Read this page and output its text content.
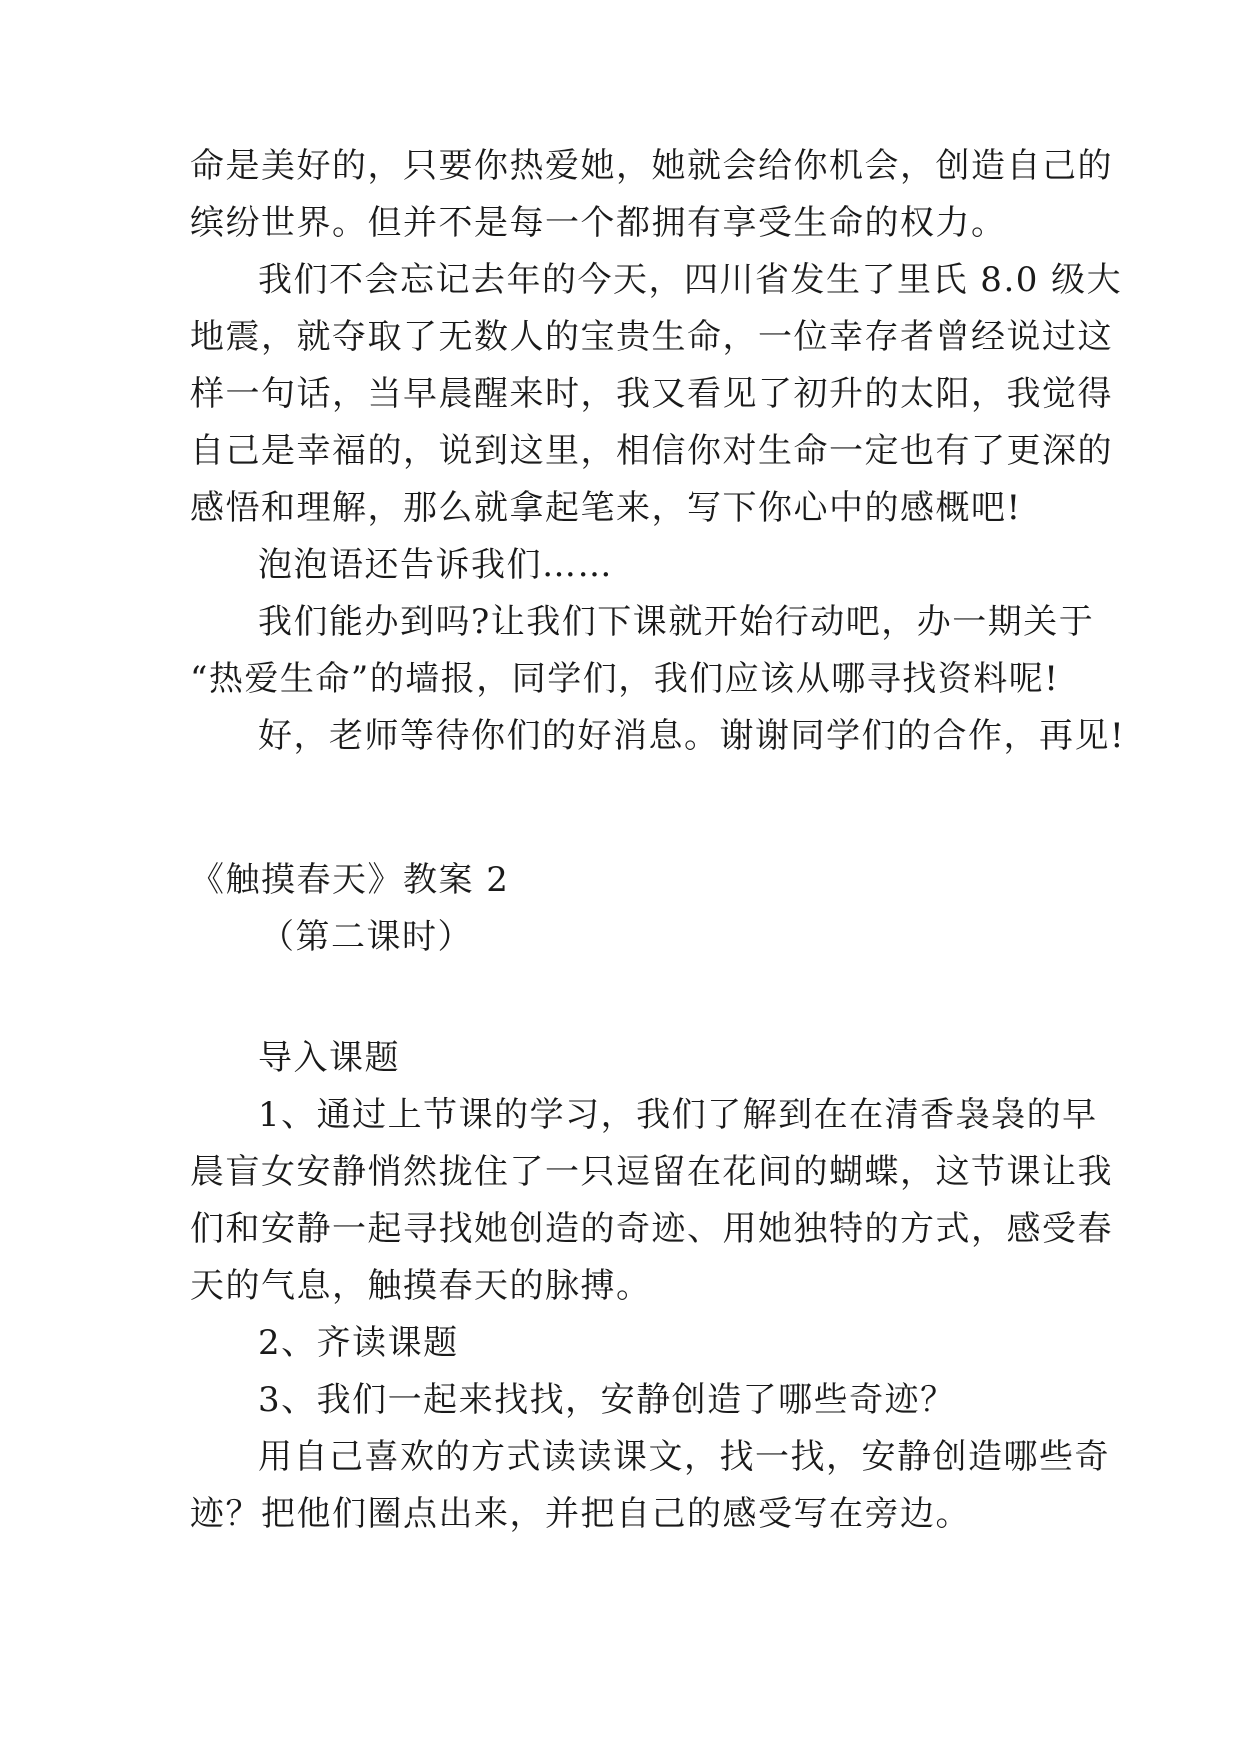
命是美好的，只要你热爱她，她就会给你机会，创造自己的
缤纷世界。但并不是每一个都拥有享受生命的权力。
我们不会忘记去年的今天，四川省发生了里氏 8.0 级大
地震，就夺取了无数人的宝贵生命，一位幸存者曾经说过这
样一句话，当早晨醒来时，我又看见了初升的太阳，我觉得
自己是幸福的，说到这里，相信你对生命一定也有了更深的
感悟和理解，那么就拿起笔来，写下你心中的感概吧!
泡泡语还告诉我们……
我们能办到吗?让我们下课就开始行动吧，办一期关于
“热爱生命”的墙报，同学们，我们应该从哪寻找资料呢!
好，老师等待你们的好消息。谢谢同学们的合作，再见!
《触摸春天》教案 2
（第二课时）
导入课题
1、通过上节课的学习，我们了解到在在清香袅袅的早
晨盲女安静悄然拢住了一只逗留在花间的蝴蝶，这节课让我
们和安静一起寻找她创造的奇迹、用她独特的方式，感受春
天的气息，触摸春天的脉搏。
2、齐读课题
3、我们一起来找找，安静创造了哪些奇迹？
用自己喜欢的方式读读课文，找一找，安静创造哪些奇
迹？把他们圈点出来，并把自己的感受写在旁边。
